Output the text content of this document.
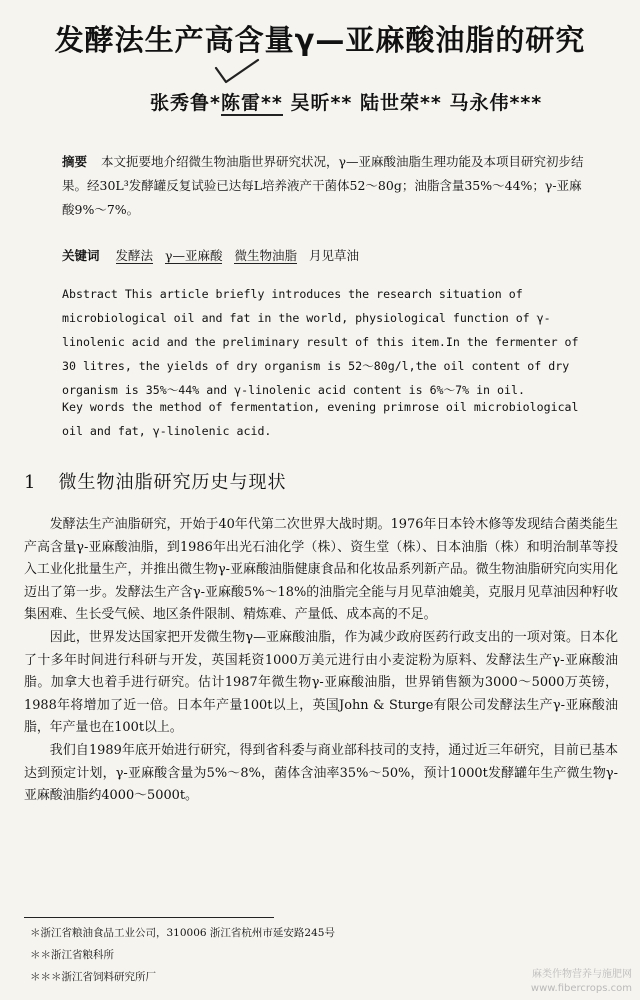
发酵法生产高含量γ—亚麻酸油脂的研究
张秀鲁*陈雷** 吴昕** 陆世荣** 马永伟***
摘要 本文扼要地介绍微生物油脂世界研究状况，γ—亚麻酸油脂生理功能及本项目研究初步结果。经30L³发酵罐反复试验已达每L培养液产干菌体52～80g；油脂含量35%～44%；γ-亚麻酸9%～7%。
关键词 发酵法 γ—亚麻酸 微生物油脂 月见草油
Abstract This article briefly introduces the research situation of microbiological oil and fat in the world, physiological function of γ-linolenic acid and the preliminary result of this item.In the fermenter of 30 litres, the yields of dry organism is 52～80g/l,the oil content of dry organism is 35%～44% and γ-linolenic acid content is 6%～7% in oil.
Key words the method of fermentation, evening primrose oil microbiological oil and fat, γ-linolenic acid.
1 微生物油脂研究历史与现状

发酵法生产油脂研究，开始于40年代第二次世界大战时期。1976年日本铃木修等发现结合菌类能生产高含量γ-亚麻酸油脂，到1986年出光石油化学（株）、资生堂（株）、日本油脂（株）和明治制革等投入工业化批量生产，并推出微生物γ-亚麻酸油脂健康食品和化妆品系列新产品。微生物油脂研究向实用化迈出了第一步。发酵法生产含γ-亚麻酸5%～18%的油脂完全能与月见草油媲美，克服月见草油因种籽收集困难、生长受气候、地区条件限制、精炼难、产量低、成本高的不足。

因此，世界发达国家把开发微生物γ—亚麻酸油脂，作为减少政府医药行政支出的一项对策。日本化了十多年时间进行科研与开发，英国耗资1000万美元进行由小麦淀粉为原料、发酵法生产γ-亚麻酸油脂。加拿大也着手进行研究。估计1987年微生物γ-亚麻酸油脂，世界销售额为3000～5000万英镑，1988年将增加了近一倍。日本年产量100t以上，英国John & Sturge有限公司发酵法生产γ-亚麻酸油脂，年产量也在100t以上。

我们自1989年底开始进行研究，得到省科委与商业部科技司的支持，通过近三年研究，目前已基本达到预定计划，γ-亚麻酸含量为5%～8%，菌体含油率35%～50%，预计1000t发酵罐年生产微生物γ-亚麻酸油脂约4000～5000t。

＊浙江省粮油食品工业公司，310006 浙江省杭州市延安路245号
＊＊浙江省粮科所
＊＊＊浙江省饲料研究所厂	麻类作物营养与施肥网
www.fibercrops.com
